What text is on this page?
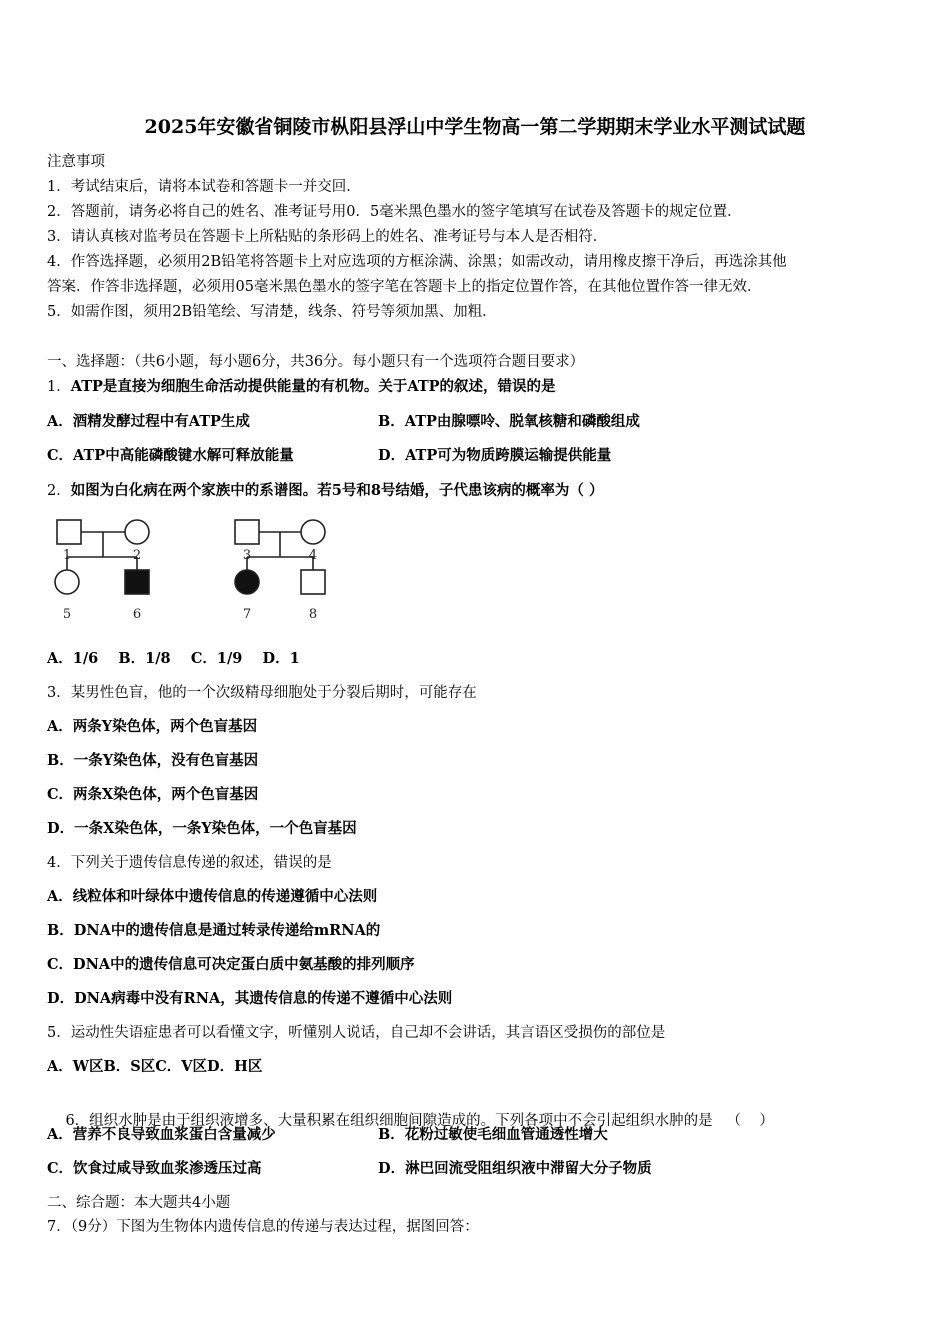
2025年安徽省铜陵市枞阳县浮山中学生物高一第二学期期末学业水平测试试题
注意事项
1．考试结束后，请将本试卷和答题卡一并交回．
2．答题前，请务必将自己的姓名、准考证号用0．5毫米黑色墨水的签字笔填写在试卷及答题卡的规定位置．
3．请认真核对监考员在答题卡上所粘贴的条形码上的姓名、准考证号与本人是否相符．
4．作答选择题，必须用2B铅笔将答题卡上对应选项的方框涂满、涂黑；如需改动，请用橡皮擦干净后，再选涂其他
答案．作答非选择题，必须用05毫米黑色墨水的签字笔在答题卡上的指定位置作答，在其他位置作答一律无效．
5．如需作图，须用2B铅笔绘、写清楚，线条、符号等须加黑、加粗．
一、选择题：（共6小题，每小题6分，共36分。每小题只有一个选项符合题目要求）
1．ATP是直接为细胞生命活动提供能量的有机物。关于ATP的叙述，错误的是
A．酒精发酵过程中有ATP生成	B．ATP由腺嘌呤、脱氧核糖和磷酸组成
C．ATP中高能磷酸键水解可释放能量	D．ATP可为物质跨膜运输提供能量
2．如图为白化病在两个家族中的系谱图。若5号和8号结婚，子代患该病的概率为（ ）
1	2
5	6
3	4
7	8
A．1/6    B．1/8    C．1/9    D．1
3．某男性色盲，他的一个次级精母细胞处于分裂后期时，可能存在
A．两条Y染色体，两个色盲基因
B．一条Y染色体，没有色盲基因
C．两条X染色体，两个色盲基因
D．一条X染色体，一条Y染色体，一个色盲基因
4．下列关于遗传信息传递的叙述，错误的是
A．线粒体和叶绿体中遗传信息的传递遵循中心法则
B．DNA中的遗传信息是通过转录传递给mRNA的
C．DNA中的遗传信息可决定蛋白质中氨基酸的排列顺序
D．DNA病毒中没有RNA，其遗传信息的传递不遵循中心法则
5．运动性失语症患者可以看懂文字，听懂别人说话，自己却不会讲话，其言语区受损伤的部位是
A．W区B．S区C．V区D．H区

6．组织水肿是由于组织液增多、大量积累在组织细胞间隙造成的。下列各项中不会引起组织水肿的是   （    ）

A．营养不良导致血浆蛋白含量减少	B．花粉过敏使毛细血管通透性增大
C．饮食过咸导致血浆渗透压过高	D．淋巴回流受阻组织液中滞留大分子物质
二、综合题：本大题共4小题
7．（9分）下图为生物体内遗传信息的传递与表达过程，据图回答：
